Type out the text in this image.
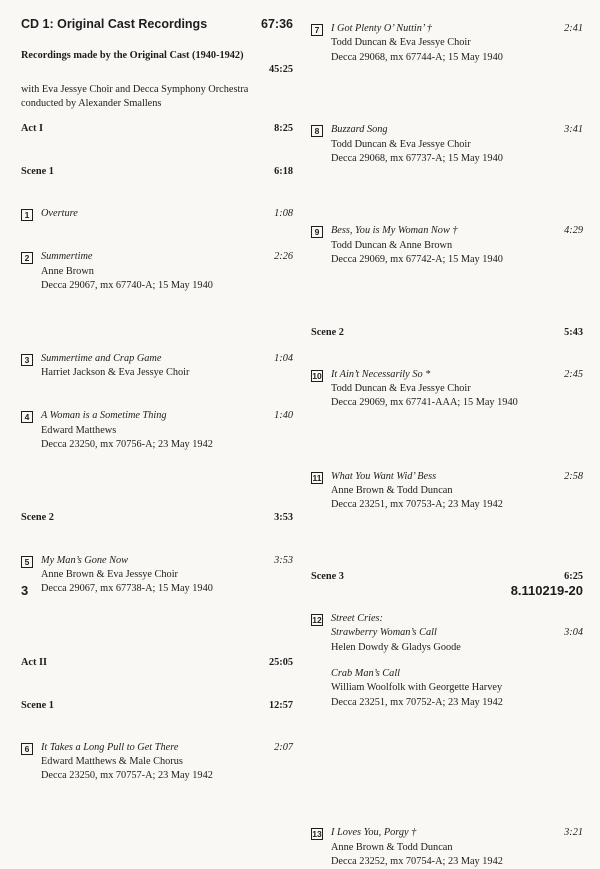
CD 1: Original Cast Recordings	67:36
Recordings made by the Original Cast (1940-1942)
45:25
with Eva Jessye Choir and Decca Symphony Orchestra
conducted by Alexander Smallens
Act I	8:25
Scene 1	6:18
1	Overture	1:08
2	Summertime	2:26
Anne Brown
Decca 29067, mx 67740-A; 15 May 1940
3	Summertime and Crap Game	1:04
Harriet Jackson & Eva Jessye Choir
4	A Woman is a Sometime Thing	1:40
Edward Matthews
Decca 23250, mx 70756-A; 23 May 1942
Scene 2	3:53
5	My Man’s Gone Now	3:53
Anne Brown & Eva Jessye Choir
Decca 29067, mx 67738-A; 15 May 1940
Act II	25:05
Scene 1	12:57
6	It Takes a Long Pull to Get There	2:07
Edward Matthews & Male Chorus
Decca 23250, mx 70757-A; 23 May 1942
3
7	I Got Plenty O’ Nuttin’ †	2:41
Todd Duncan & Eva Jessye Choir
Decca 29068, mx 67744-A; 15 May 1940
8	Buzzard Song	3:41
Todd Duncan & Eva Jessye Choir
Decca 29068, mx 67737-A; 15 May 1940
9	Bess, You is My Woman Now †	4:29
Todd Duncan & Anne Brown
Decca 29069, mx 67742-A; 15 May 1940
Scene 2	5:43
10 It Ain’t Necessarily So *	2:45
Todd Duncan & Eva Jessye Choir
Decca 29069, mx 67741-AAA; 15 May 1940
11 What You Want Wid’ Bess	2:58
Anne Brown & Todd Duncan
Decca 23251, mx 70753-A; 23 May 1942
Scene 3	6:25
12 Street Cries:
Strawberry Woman’s Call	3:04
Helen Dowdy & Gladys Goode
Crab Man’s Call
William Woolfolk with Georgette Harvey
Decca 23251, mx 70752-A; 23 May 1942
13 I Loves You, Porgy †	3:21
Anne Brown & Todd Duncan
Decca 23252, mx 70754-A; 23 May 1942
8.110219-20
